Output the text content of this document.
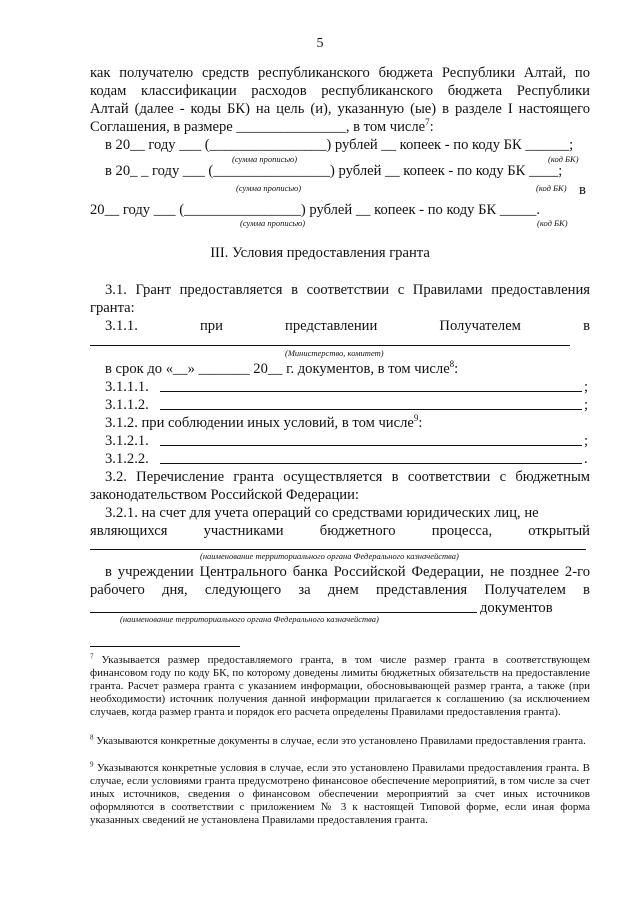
5
как получателю средств республиканского бюджета Республики Алтай, по
кодам классификации расходов республиканского бюджета Республики
Алтай (далее - коды БК) на цель (и), указанную (ые) в разделе I настоящего
Соглашения, в размере _______________, в том числе$^7$:
в 20__ году ___ (________________) рублей __ копеек - по коду БК ______;
(сумма прописью)	(код БК)
в 20_ _ году ___ (________________) рублей __ копеек - по коду БК ____;
(сумма прописью)	(код БК) в
20__ году ___ (________________) рублей __ копеек - по коду БК _____.
(сумма прописью)	(код БК)
III. Условия предоставления гранта
3.1. Грант предоставляется в соответствии с Правилами предоставления
гранта:
3.1.1.	при	представлении	Получателем	в
(Министерство, комитет)
в срок до «__» _______ 20__ г. документов, в том числе$^8$:
3.1.1.1.	;
3.1.1.2.	;
3.1.2. при соблюдении иных условий, в том числе$^9$:
3.1.2.1.	;
3.1.2.2.	.
3.2. Перечисление гранта осуществляется в соответствии с бюджетным
законодательством Российской Федерации:
3.2.1. на счет для учета операций со средствами юридических лиц, не
являющихся участниками бюджетного процесса, открытый
(наименование территориального органа Федерального казначейства)
в учреждении Центрального банка Российской Федерации, не позднее 2-го
рабочего дня, следующего за днем представления Получателем в
документов
(наименование территориального органа Федерального казначейства)
$^7$ Указывается размер предоставляемого гранта, в том числе размер гранта в соответствующем финансовом году по коду БК, по которому доведены лимиты бюджетных обязательств на предоставление гранта. Расчет размера гранта с указанием информации, обосновывающей размер гранта, а также (при необходимости) источник получения данной информации прилагается к соглашению (за исключением случаев, когда размер гранта и порядок его расчета определены Правилами предоставления гранта).
$^8$ Указываются конкретные документы в случае, если это установлено Правилами предоставления гранта.
$^9$ Указываются конкретные условия в случае, если это установлено Правилами предоставления гранта. В случае, если условиями гранта предусмотрено финансовое обеспечение мероприятий, в том числе за счет иных источников, сведения о финансовом обеспечении мероприятий за счет иных источников оформляются в соответствии с приложением № 3 к настоящей Типовой форме, если иная форма указанных сведений не установлена Правилами предоставления гранта.
